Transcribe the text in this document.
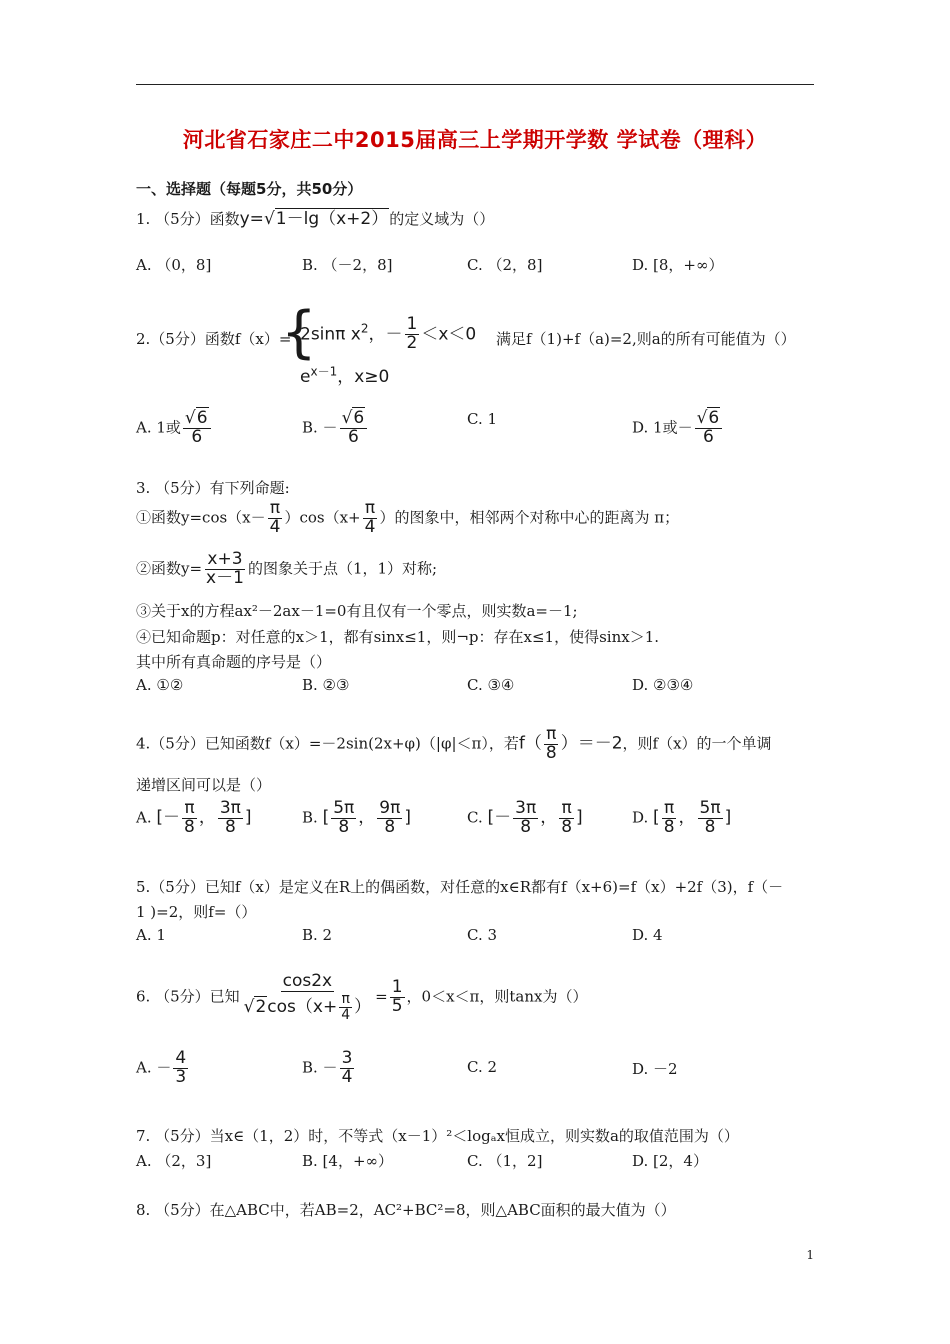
河北省石家庄二中2015届高三上学期开学数 学试卷（理科）
一、选择题（每题5分，共50分）
1. （5分）函数y=√1－lg（x+2）的定义域为（）
A. （0，8]	B. （－2，8]	C. （2，8]	D. [8，+∞）
2.（5分）函数f（x）=
{
2sinπ $x^2$，－ $\frac{1}{2} <x<0$
$e^{x-1}$，x≥0
满足f（1)+f（a)=2,则a的所有可能值为（）
A. 1或 $\frac{√6}{6}$	B. － $\frac{√6}{6}$	C. 1	D. 1或－ $\frac{√6}{6}$
3. （5分）有下列命题:
①函数$y=\cos(x- \frac{\pi}{4} )\cos(x+ \frac{\pi}{4}$ ）的图象中，相邻两个对称中心的距离为 π；
②函数$y= \frac{x+3}{x-1}$ 的图象关于点（1，1）对称;
③关于x的方程ax²－2ax－1=0有且仅有一个零点，则实数a=－1;
④已知命题p：对任意的x＞1，都有sinx≤1，则¬p：存在x≤1，使得sinx＞1.
其中所有真命题的序号是（）
A. ①②	B. ②③	C. ③④	D. ②③④
4.（5分）已知函数f（x）=－2sin(2x+φ)（|φ|＜π），若$f( \frac{\pi}{8} )=-2$，则f（x）的一个单调
递增区间可以是（）
A. [－ $\frac{\pi}{8}$ ， $\frac{3\pi}{8}$ ]	B. [ $\frac{5\pi}{8}$ ， $\frac{9\pi}{8}$ ]	C. [－ $\frac{3\pi}{8}$ ， $\frac{\pi}{8}$ ]	D. [ $\frac{\pi}{8}$ ， $\frac{5\pi}{8}$ ]
5.（5分）已知f（x）是定义在R上的偶函数，对任意的x∈R都有f（x+6)=f（x）+2f（3)，f（－
1 )=2，则f=（）
A. 1	B. 2	C. 3	D. 4
6. （5分）已知 $\frac{\cos 2x}{√2\cos(x+ \frac{\pi}{4} )} = \frac{1}{5}$ ，0＜x＜π，则tanx为（）
A. － $\frac{4}{3}$	B. － $\frac{3}{4}$	C. 2	D. －2
7. （5分）当x∈（1，2）时，不等式（x－1）²＜logₐx恒成立，则实数a的取值范围为（）
A. （2，3]	B. [4，+∞）	C. （1，2]	D. [2，4）
8. （5分）在△ABC中，若AB=2，AC²+BC²=8，则△ABC面积的最大值为（）
1
